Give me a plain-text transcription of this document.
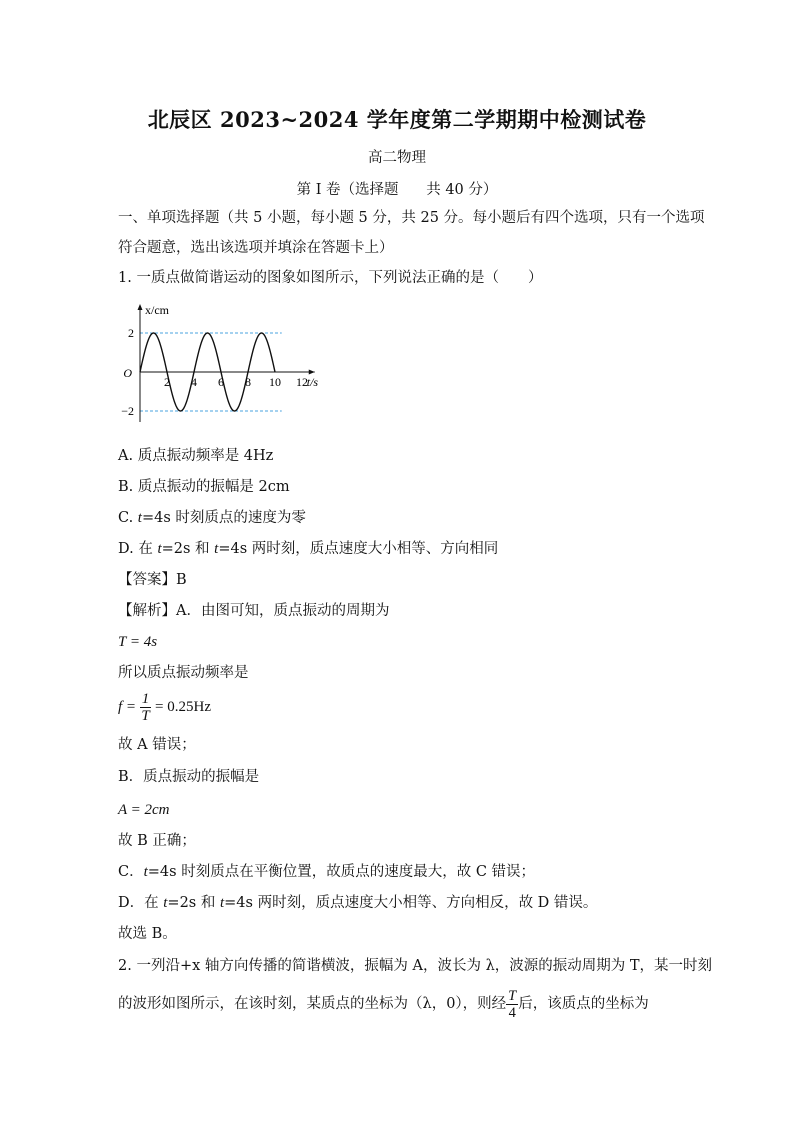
北辰区 2023~2024 学年度第二学期期中检测试卷
高二物理
第 I 卷（选择题      共 40 分）
一、单项选择题（共 5 小题，每小题 5 分，共 25 分。每小题后有四个选项，只有一个选项
符合题意，选出该选项并填涂在答题卡上）
1. 一质点做简谐运动的图象如图所示，下列说法正确的是（　　）
2 4 6 8 10 12
2
−2
O
x/cm
t/s
A. 质点振动频率是 4Hz
B. 质点振动的振幅是 2cm
C. t=4s 时刻质点的速度为零
D. 在 t=2s 和 t=4s 两时刻，质点速度大小相等、方向相同
【答案】B
【解析】A．由图可知，质点振动的周期为
T = 4s
所以质点振动频率是
$f = \frac{1}{T} = 0.25Hz$
故 A 错误；
B．质点振动的振幅是
A = 2cm
故 B 正确；
C．t=4s 时刻质点在平衡位置，故质点的速度最大，故 C 错误；
D．在 t=2s 和 t=4s 两时刻，质点速度大小相等、方向相反，故 D 错误。
故选 B。
2. 一列沿+x 轴方向传播的简谐横波，振幅为 A，波长为 λ，波源的振动周期为 T，某一时刻
的波形如图所示，在该时刻，某质点的坐标为（λ，0），则经 $\frac{T}{4}$ 后，该质点的坐标为
